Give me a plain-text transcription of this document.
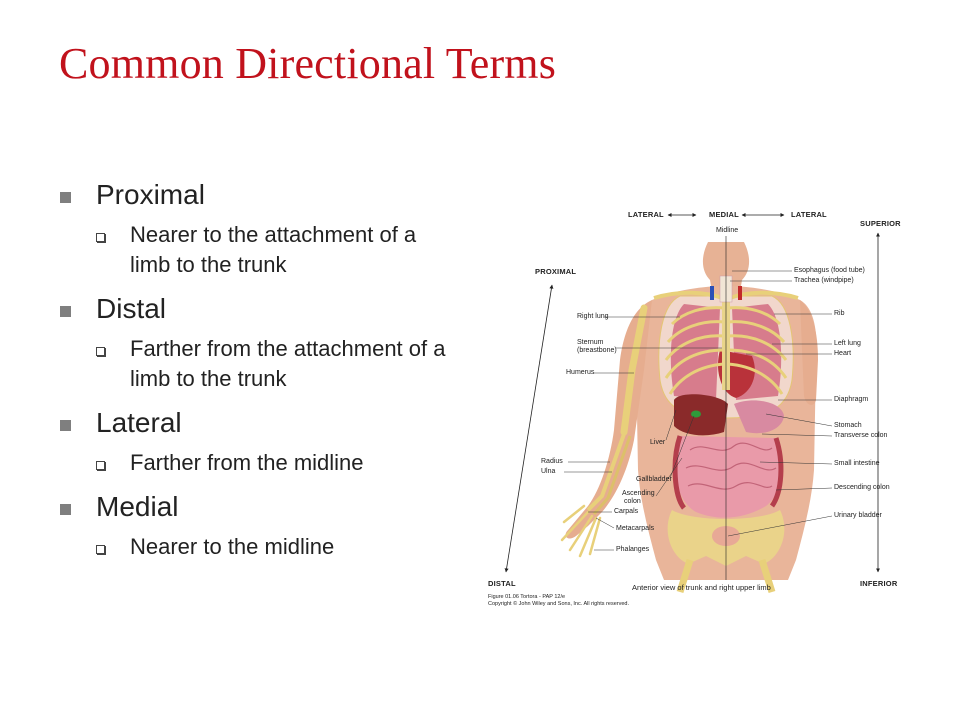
Common Directional Terms
Proximal
Nearer to the attachment of a limb to the trunk
Distal
Farther from the attachment of a limb to the trunk
Lateral
Farther from the midline
Medial
Nearer to the midline
LATERAL	MEDIAL	LATERAL
Midline
PROXIMAL
DISTAL
SUPERIOR
INFERIOR
Right lung
Sternum
(breastbone)
Humerus
Liver
Radius
Ulna
Gallbladder
Ascending
colon
Carpals
Metacarpals
Phalanges
Esophagus (food tube)
Trachea (windpipe)
Rib
Left lung
Heart
Diaphragm
Stomach
Transverse colon
Small intestine
Descending colon
Urinary bladder
Anterior view of trunk and right upper limb
Figure 01.06 Tortora - PAP 12/e
Copyright © John Wiley and Sons, Inc. All rights reserved.
